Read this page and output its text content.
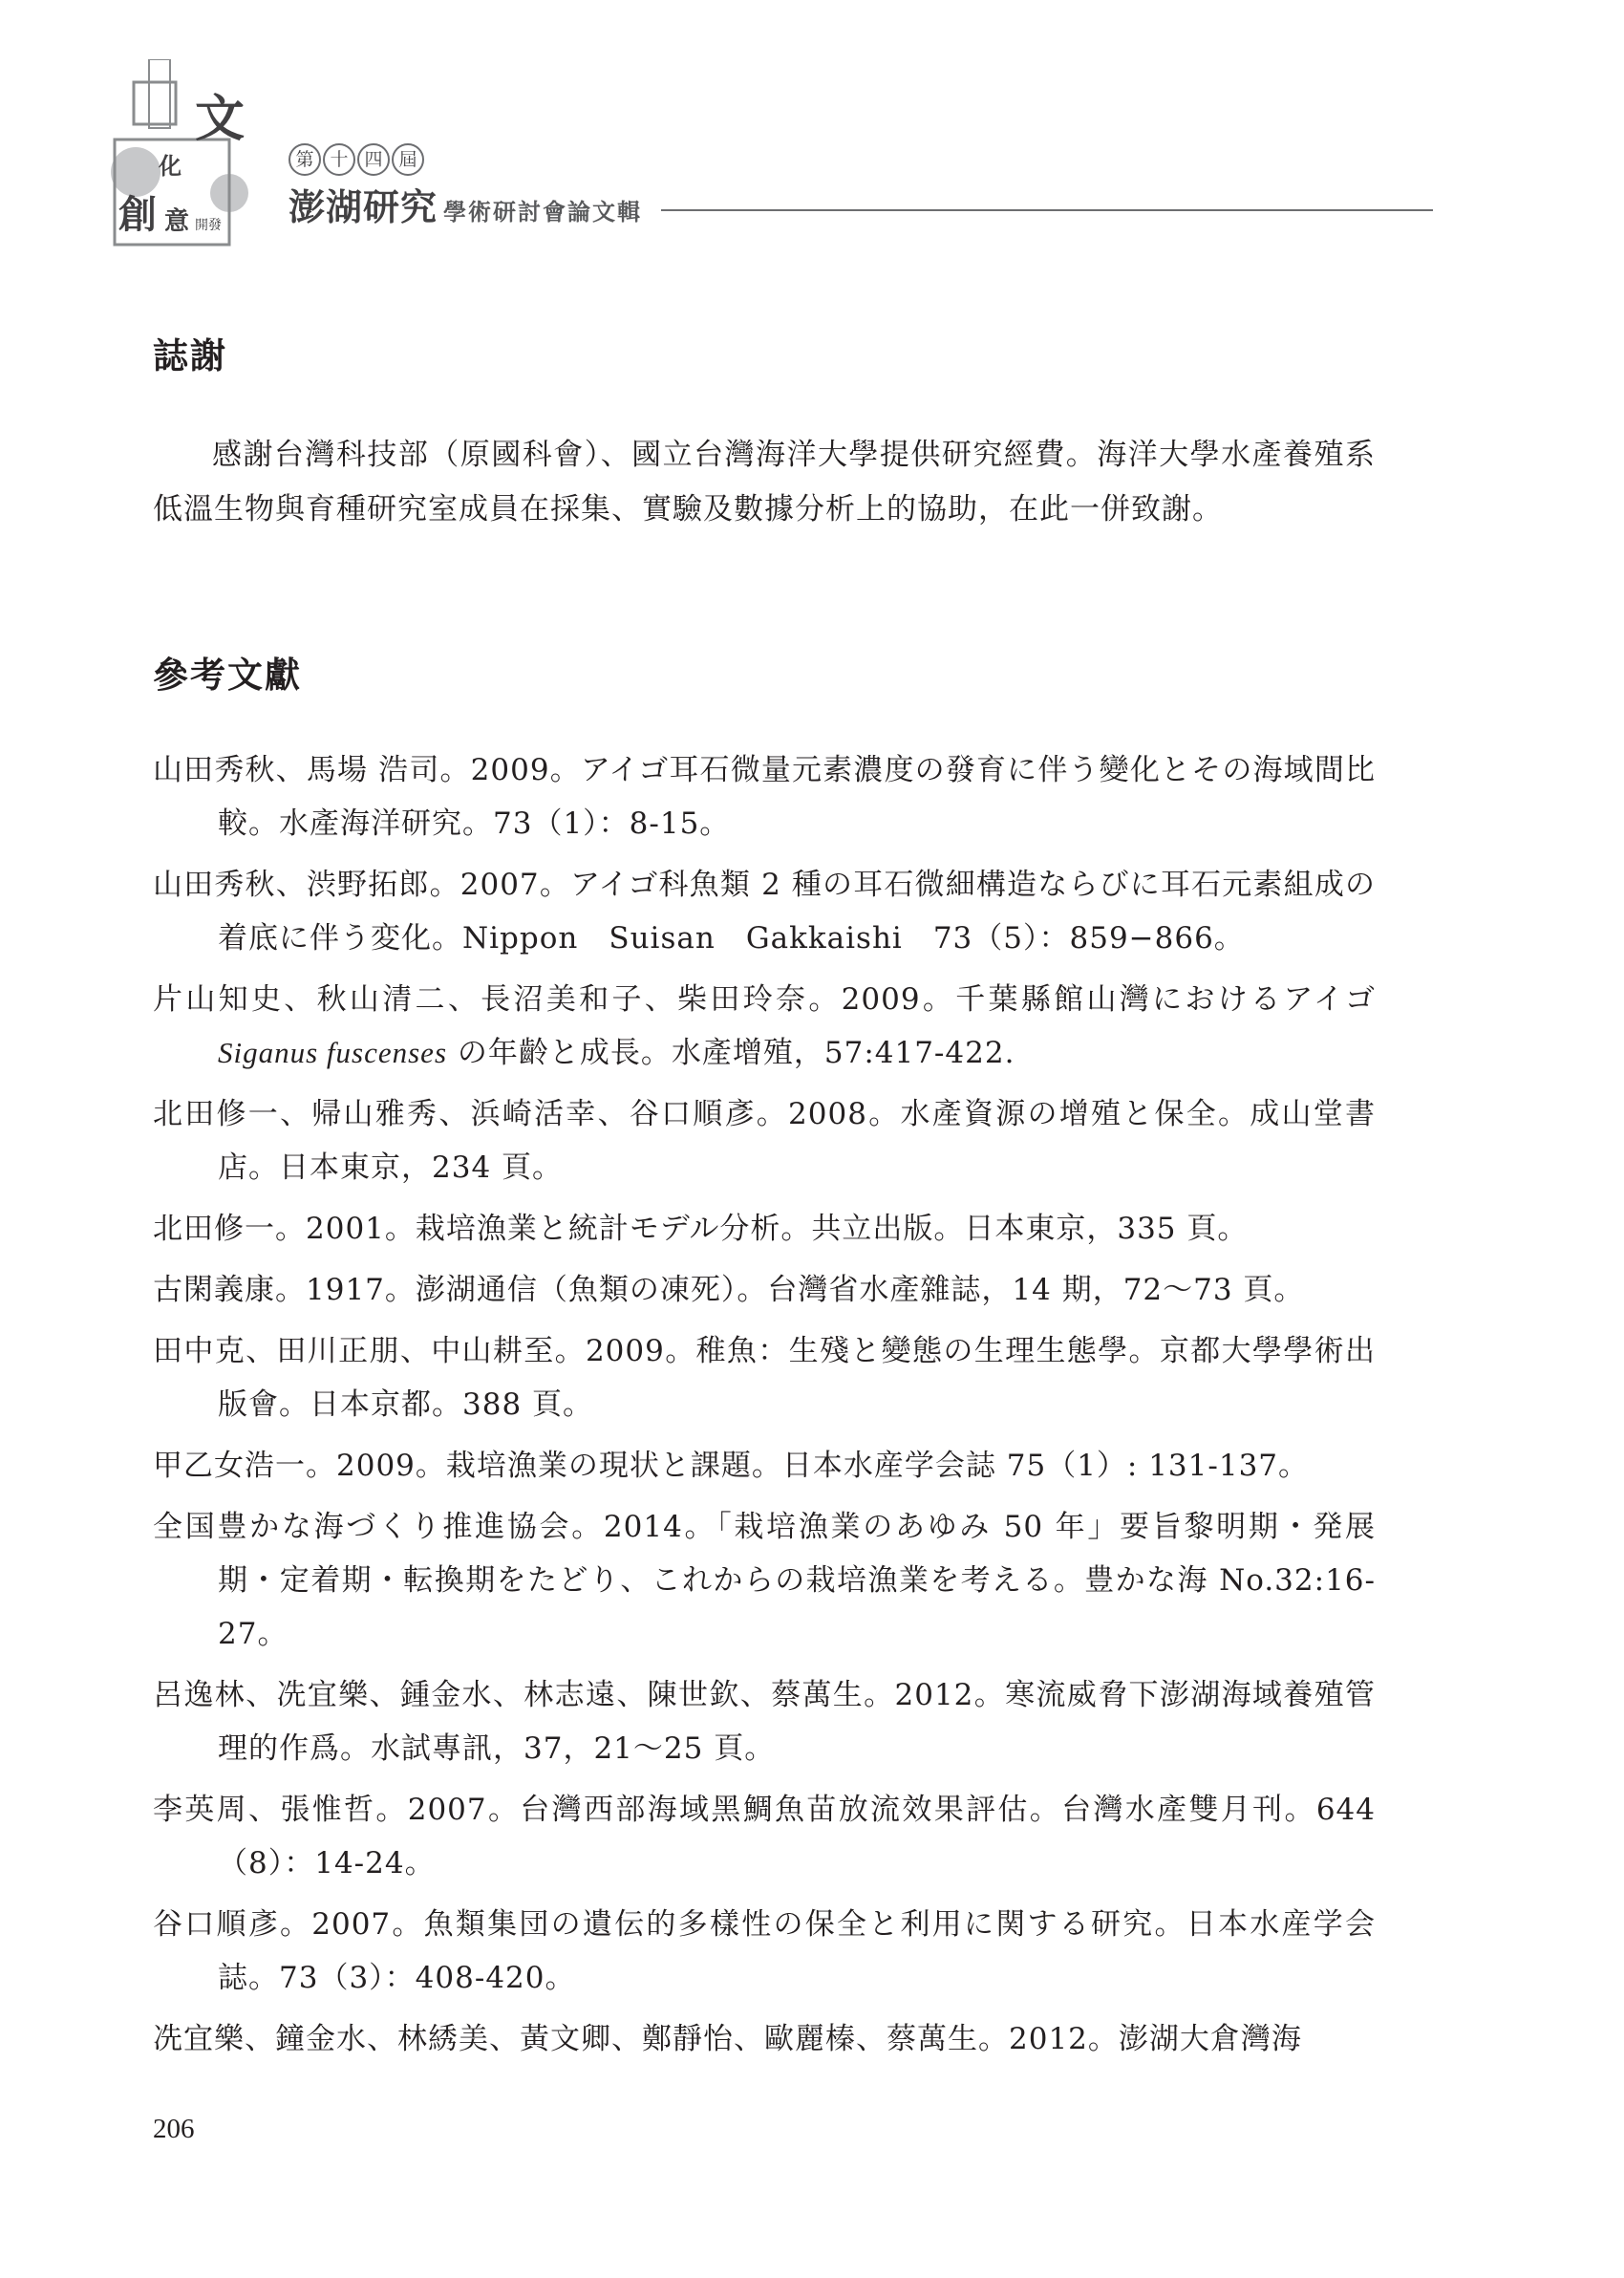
文
化
創 意 開發
第 十 四 屆
澎湖研究 學術研討會論文輯
誌謝

感謝台灣科技部（原國科會）、國立台灣海洋大學提供研究經費。海洋大學水產養殖系低溫生物與育種研究室成員在採集、實驗及數據分析上的協助，在此一併致謝。

參考文獻
山田秀秋、馬場 浩司。2009。アイゴ耳石微量元素濃度の發育に伴う變化とその海域間比較。水產海洋研究。73（1）：8-15。
山田秀秋、渋野拓郎。2007。アイゴ科魚類 2 種の耳石微細構造ならびに耳石元素組成の着底に伴う変化。Nippon　Suisan　Gakkaishi　73（5）：859−866。
片山知史、秋山清二、長沼美和子、柴田玲奈。2009。千葉縣館山灣におけるアイゴ Siganus fuscenses の年齡と成長。水產增殖，57:417-422.
北田修一、帰山雅秀、浜崎活幸、谷口順彥。2008。水產資源の增殖と保全。成山堂書店。日本東京，234 頁。
北田修一。2001。栽培漁業と統計モデル分析。共立出版。日本東京，335 頁。
古閑義康。1917。澎湖通信（魚類の凍死）。台灣省水產雜誌，14 期，72～73 頁。
田中克、田川正朋、中山耕至。2009。稚魚：生殘と變態の生理生態學。京都大學學術出版會。日本京都。388 頁。
甲乙女浩一。2009。栽培漁業の現状と課題。日本水産学会誌 75（1）: 131-137。
全国豊かな海づくり推進協会。2014。「栽培漁業のあゆみ 50 年」要旨黎明期・発展期・定着期・転換期をたどり、これからの栽培漁業を考える。豊かな海 No.32:16-27。
呂逸林、冼宜樂、鍾金水、林志遠、陳世欽、蔡萬生。2012。寒流威脅下澎湖海域養殖管理的作爲。水試專訊，37，21～25 頁。
李英周、張惟哲。2007。台灣西部海域黑鯛魚苗放流效果評估。台灣水產雙月刊。644（8）：14-24。
谷口順彥。2007。魚類集団の遺伝的多樣性の保全と利用に関する研究。日本水産学会誌。73（3）：408-420。
冼宜樂、鐘金水、林綉美、黃文卿、鄭靜怡、歐麗榛、蔡萬生。2012。澎湖大倉灣海
206
